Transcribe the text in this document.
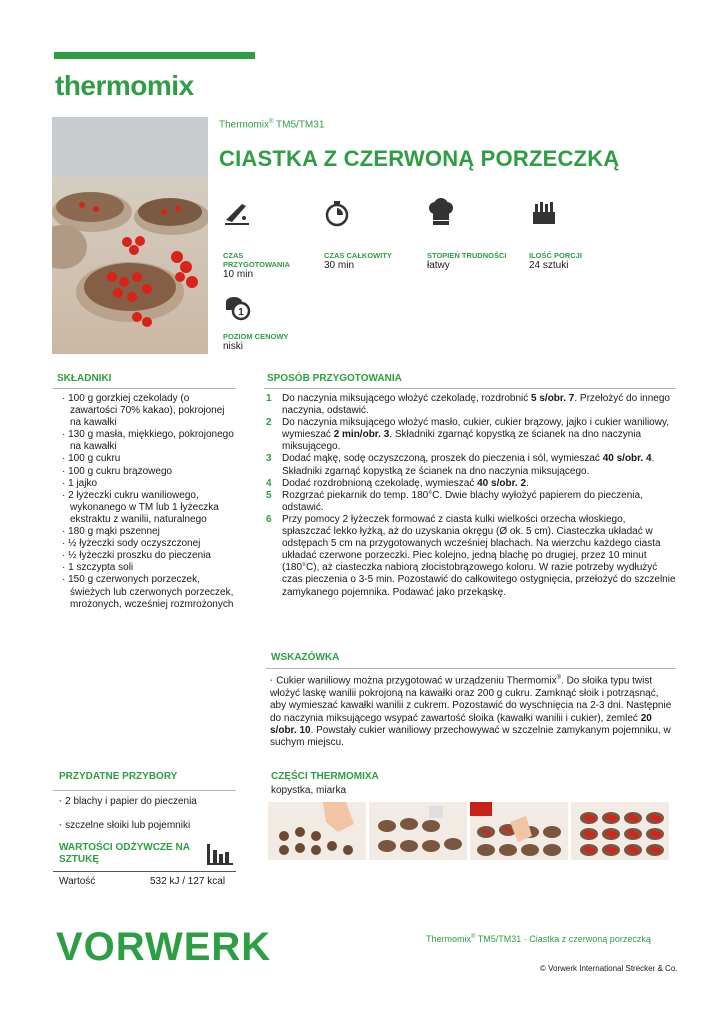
thermomix
Thermomix® TM5/TM31
CIASTKA Z CZERWONĄ PORZECZKĄ
CZAS PRZYGOTOWANIA
10 min
CZAS CAŁKOWITY
30 min
STOPIEŃ TRUDNOŚCI
łatwy
ILOŚĆ PORCJI
24 sztuki
1
POZIOM CENOWY
niski
SKŁADNIKI
· 100 g gorzkiej czekolady (o zawartości 70% kakao), pokrojonej na kawałki
· 130 g masła, miękkiego, pokrojonego na kawałki
· 100 g cukru
· 100 g cukru brązowego
· 1 jajko
· 2 łyżeczki cukru waniliowego, wykonanego w TM lub 1 łyżeczka ekstraktu z wanilii, naturalnego
· 180 g mąki pszennej
· ½ łyżeczki sody oczyszczonej
· ½ łyżeczki proszku do pieczenia
· 1 szczypta soli
· 150 g czerwonych porzeczek, świeżych lub czerwonych porzeczek, mrożonych, wcześniej rozmrożonych
SPOSÓB PRZYGOTOWANIA
1 Do naczynia miksującego włożyć czekoladę, rozdrobnić 5 s/obr. 7. Przełożyć do innego naczynia, odstawić.
2 Do naczynia miksującego włożyć masło, cukier, cukier brązowy, jajko i cukier waniliowy, wymieszać 2 min/obr. 3. Składniki zgarnąć kopystką ze ścianek na dno naczynia miksującego.
3 Dodać mąkę, sodę oczyszczoną, proszek do pieczenia i sól, wymieszać 40 s/obr. 4. Składniki zgarnąć kopystką ze ścianek na dno naczynia miksującego.
4 Dodać rozdrobnioną czekoladę, wymieszać 40 s/obr. 2.
5 Rozgrzać piekarnik do temp. 180°C. Dwie blachy wyłożyć papierem do pieczenia, odstawić.
6 Przy pomocy 2 łyżeczek formować z ciasta kulki wielkości orzecha włoskiego, spłaszczać lekko łyżką, aż do uzyskania okręgu (Ø ok. 5 cm). Ciasteczka układać w odstępach 5 cm na przygotowanych wcześniej blachach. Na wierzchu każdego ciasta układać czerwone porzeczki. Piec kolejno, jedną blachę po drugiej, przez 10 minut (180°C), aż ciasteczka nabiorą złocistobrązowego koloru. W razie potrzeby wydłużyć czas pieczenia o 3-5 min. Pozostawić do całkowitego ostygnięcia, przełożyć do szczelnie zamykanego pojemnika. Podawać jako przekąskę.
WSKAZÓWKA
· Cukier waniliowy można przygotować w urządzeniu Thermomix®. Do słoika typu twist włożyć laskę wanilii pokrojoną na kawałki oraz 200 g cukru. Zamknąć słoik i potrząsnąć, aby wymieszać kawałki wanilii z cukrem. Pozostawić do wyschnięcia na 2-3 dni. Następnie do naczynia miksującego wsypać zawartość słoika (kawałki wanilii i cukier), zemleć 20 s/obr. 10. Powstały cukier waniliowy przechowywać w szczelnie zamykanym pojemniku, w suchym miejscu.
PRZYDATNE PRZYBORY
· 2 blachy i papier do pieczenia
· szczelne słoiki lub pojemniki
WARTOŚCI ODŻYWCZE NA SZTUKĘ
Wartość	532 kJ / 127 kcal
CZĘŚCI THERMOMIXA
kopystka, miarka
VORWERK	Thermomix® TM5/TM31 · Ciastka z czerwoną porzeczką
© Vorwerk International Strecker & Co.
